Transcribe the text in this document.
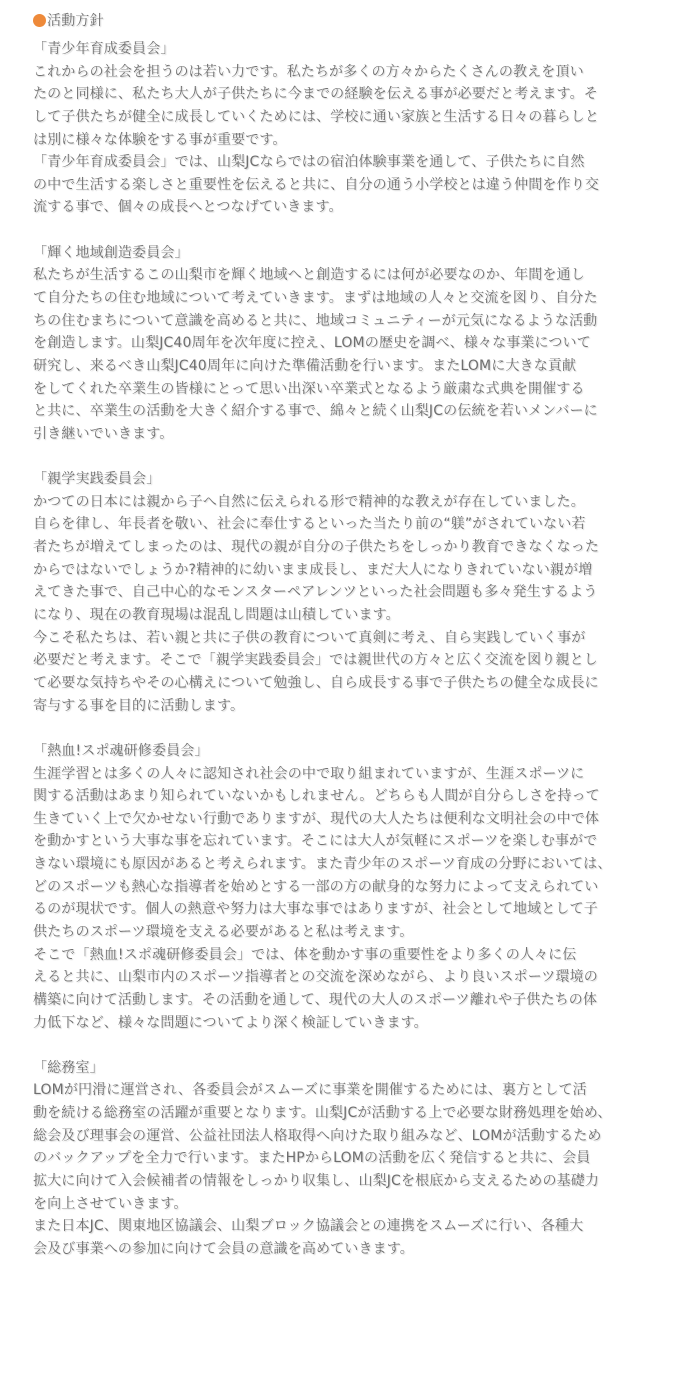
活動方針
「青少年育成委員会」
これからの社会を担うのは若い力です。私たちが多くの方々からたくさんの教えを頂い
たのと同様に、私たち大人が子供たちに今までの経験を伝える事が必要だと考えます。そ
して子供たちが健全に成長していくためには、学校に通い家族と生活する日々の暮らしと
は別に様々な体験をする事が重要です。
「青少年育成委員会」では、山梨JCならではの宿泊体験事業を通して、子供たちに自然
の中で生活する楽しさと重要性を伝えると共に、自分の通う小学校とは違う仲間を作り交
流する事で、個々の成長へとつなげていきます。
「輝く地域創造委員会」
私たちが生活するこの山梨市を輝く地域へと創造するには何が必要なのか、年間を通し
て自分たちの住む地域について考えていきます。まずは地域の人々と交流を図り、自分た
ちの住むまちについて意識を高めると共に、地域コミュニティーが元気になるような活動
を創造します。山梨JC40周年を次年度に控え、LOMの歴史を調べ、様々な事業について
研究し、来るべき山梨JC40周年に向けた準備活動を行います。またLOMに大きな貢献
をしてくれた卒業生の皆様にとって思い出深い卒業式となるよう厳粛な式典を開催する
と共に、卒業生の活動を大きく紹介する事で、綿々と続く山梨JCの伝統を若いメンバーに
引き継いでいきます。
「親学実践委員会」
かつての日本には親から子へ自然に伝えられる形で精神的な教えが存在していました。
自らを律し、年長者を敬い、社会に奉仕するといった当たり前の“躾”がされていない若
者たちが増えてしまったのは、現代の親が自分の子供たちをしっかり教育できなくなった
からではないでしょうか?精神的に幼いまま成長し、まだ大人になりきれていない親が増
えてきた事で、自己中心的なモンスターペアレンツといった社会問題も多々発生するよう
になり、現在の教育現場は混乱し問題は山積しています。
今こそ私たちは、若い親と共に子供の教育について真剣に考え、自ら実践していく事が
必要だと考えます。そこで「親学実践委員会」では親世代の方々と広く交流を図り親とし
て必要な気持ちやその心構えについて勉強し、自ら成長する事で子供たちの健全な成長に
寄与する事を目的に活動します。
「熱血!スポ魂研修委員会」
生涯学習とは多くの人々に認知され社会の中で取り組まれていますが、生涯スポーツに
関する活動はあまり知られていないかもしれません。どちらも人間が自分らしさを持って
生きていく上で欠かせない行動でありますが、現代の大人たちは便利な文明社会の中で体
を動かすという大事な事を忘れています。そこには大人が気軽にスポーツを楽しむ事がで
きない環境にも原因があると考えられます。また青少年のスポーツ育成の分野においては、
どのスポーツも熱心な指導者を始めとする一部の方の献身的な努力によって支えられてい
るのが現状です。個人の熱意や努力は大事な事ではありますが、社会として地域として子
供たちのスポーツ環境を支える必要があると私は考えます。
そこで「熱血!スポ魂研修委員会」では、体を動かす事の重要性をより多くの人々に伝
えると共に、山梨市内のスポーツ指導者との交流を深めながら、より良いスポーツ環境の
構築に向けて活動します。その活動を通して、現代の大人のスポーツ離れや子供たちの体
力低下など、様々な問題についてより深く検証していきます。
「総務室」
LOMが円滑に運営され、各委員会がスムーズに事業を開催するためには、裏方として活
動を続ける総務室の活躍が重要となります。山梨JCが活動する上で必要な財務処理を始め、
総会及び理事会の運営、公益社団法人格取得へ向けた取り組みなど、LOMが活動するため
のバックアップを全力で行います。またHPからLOMの活動を広く発信すると共に、会員
拡大に向けて入会候補者の情報をしっかり収集し、山梨JCを根底から支えるための基礎力
を向上させていきます。
また日本JC、関東地区協議会、山梨ブロック協議会との連携をスムーズに行い、各種大
会及び事業への参加に向けて会員の意識を高めていきます。
